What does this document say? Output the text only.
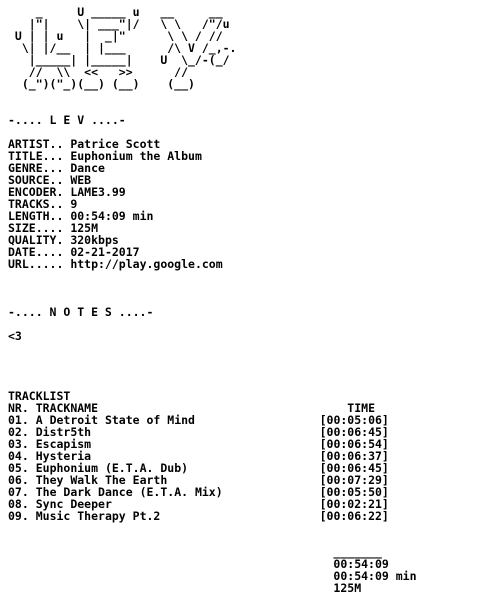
_     U _____ u   __     __
|"|    \| ___"|/   \ \   /"/u
U | | u   |  _|"      \ \ / //
\| |/__  | |___      /\ V /_,-.
|_____| |_____|    U  \_/-(_/
//  \\  <<   >>      //
(_")("_)(__) (__)    (__)

-.... L E V ....-

ARTIST.. Patrice Scott
TITLE... Euphonium the Album
GENRE... Dance
SOURCE.. WEB
ENCODER. LAME3.99
TRACKS.. 9
LENGTH.. 00:54:09 min
SIZE.... 125M
QUALITY. 320kbps
DATE.... 02-21-2017
URL..... http://play.google.com

-.... N O T E S ....-

<3

TRACKLIST
NR. TRACKNAME                                    TIME
01. A Detroit State of Mind                  [00:05:06]
02. Distr5th                                 [00:06:45]
03. Escapism                                 [00:06:54]
04. Hysteria                                 [00:06:37]
05. Euphonium (E.T.A. Dub)                   [00:06:45]
06. They Walk The Earth                      [00:07:29]
07. The Dark Dance (E.T.A. Mix)              [00:05:50]
08. Sync Deeper                              [00:02:21]
09. Music Therapy Pt.2                       [00:06:22]

_______
00:54:09
00:54:09 min
125M
